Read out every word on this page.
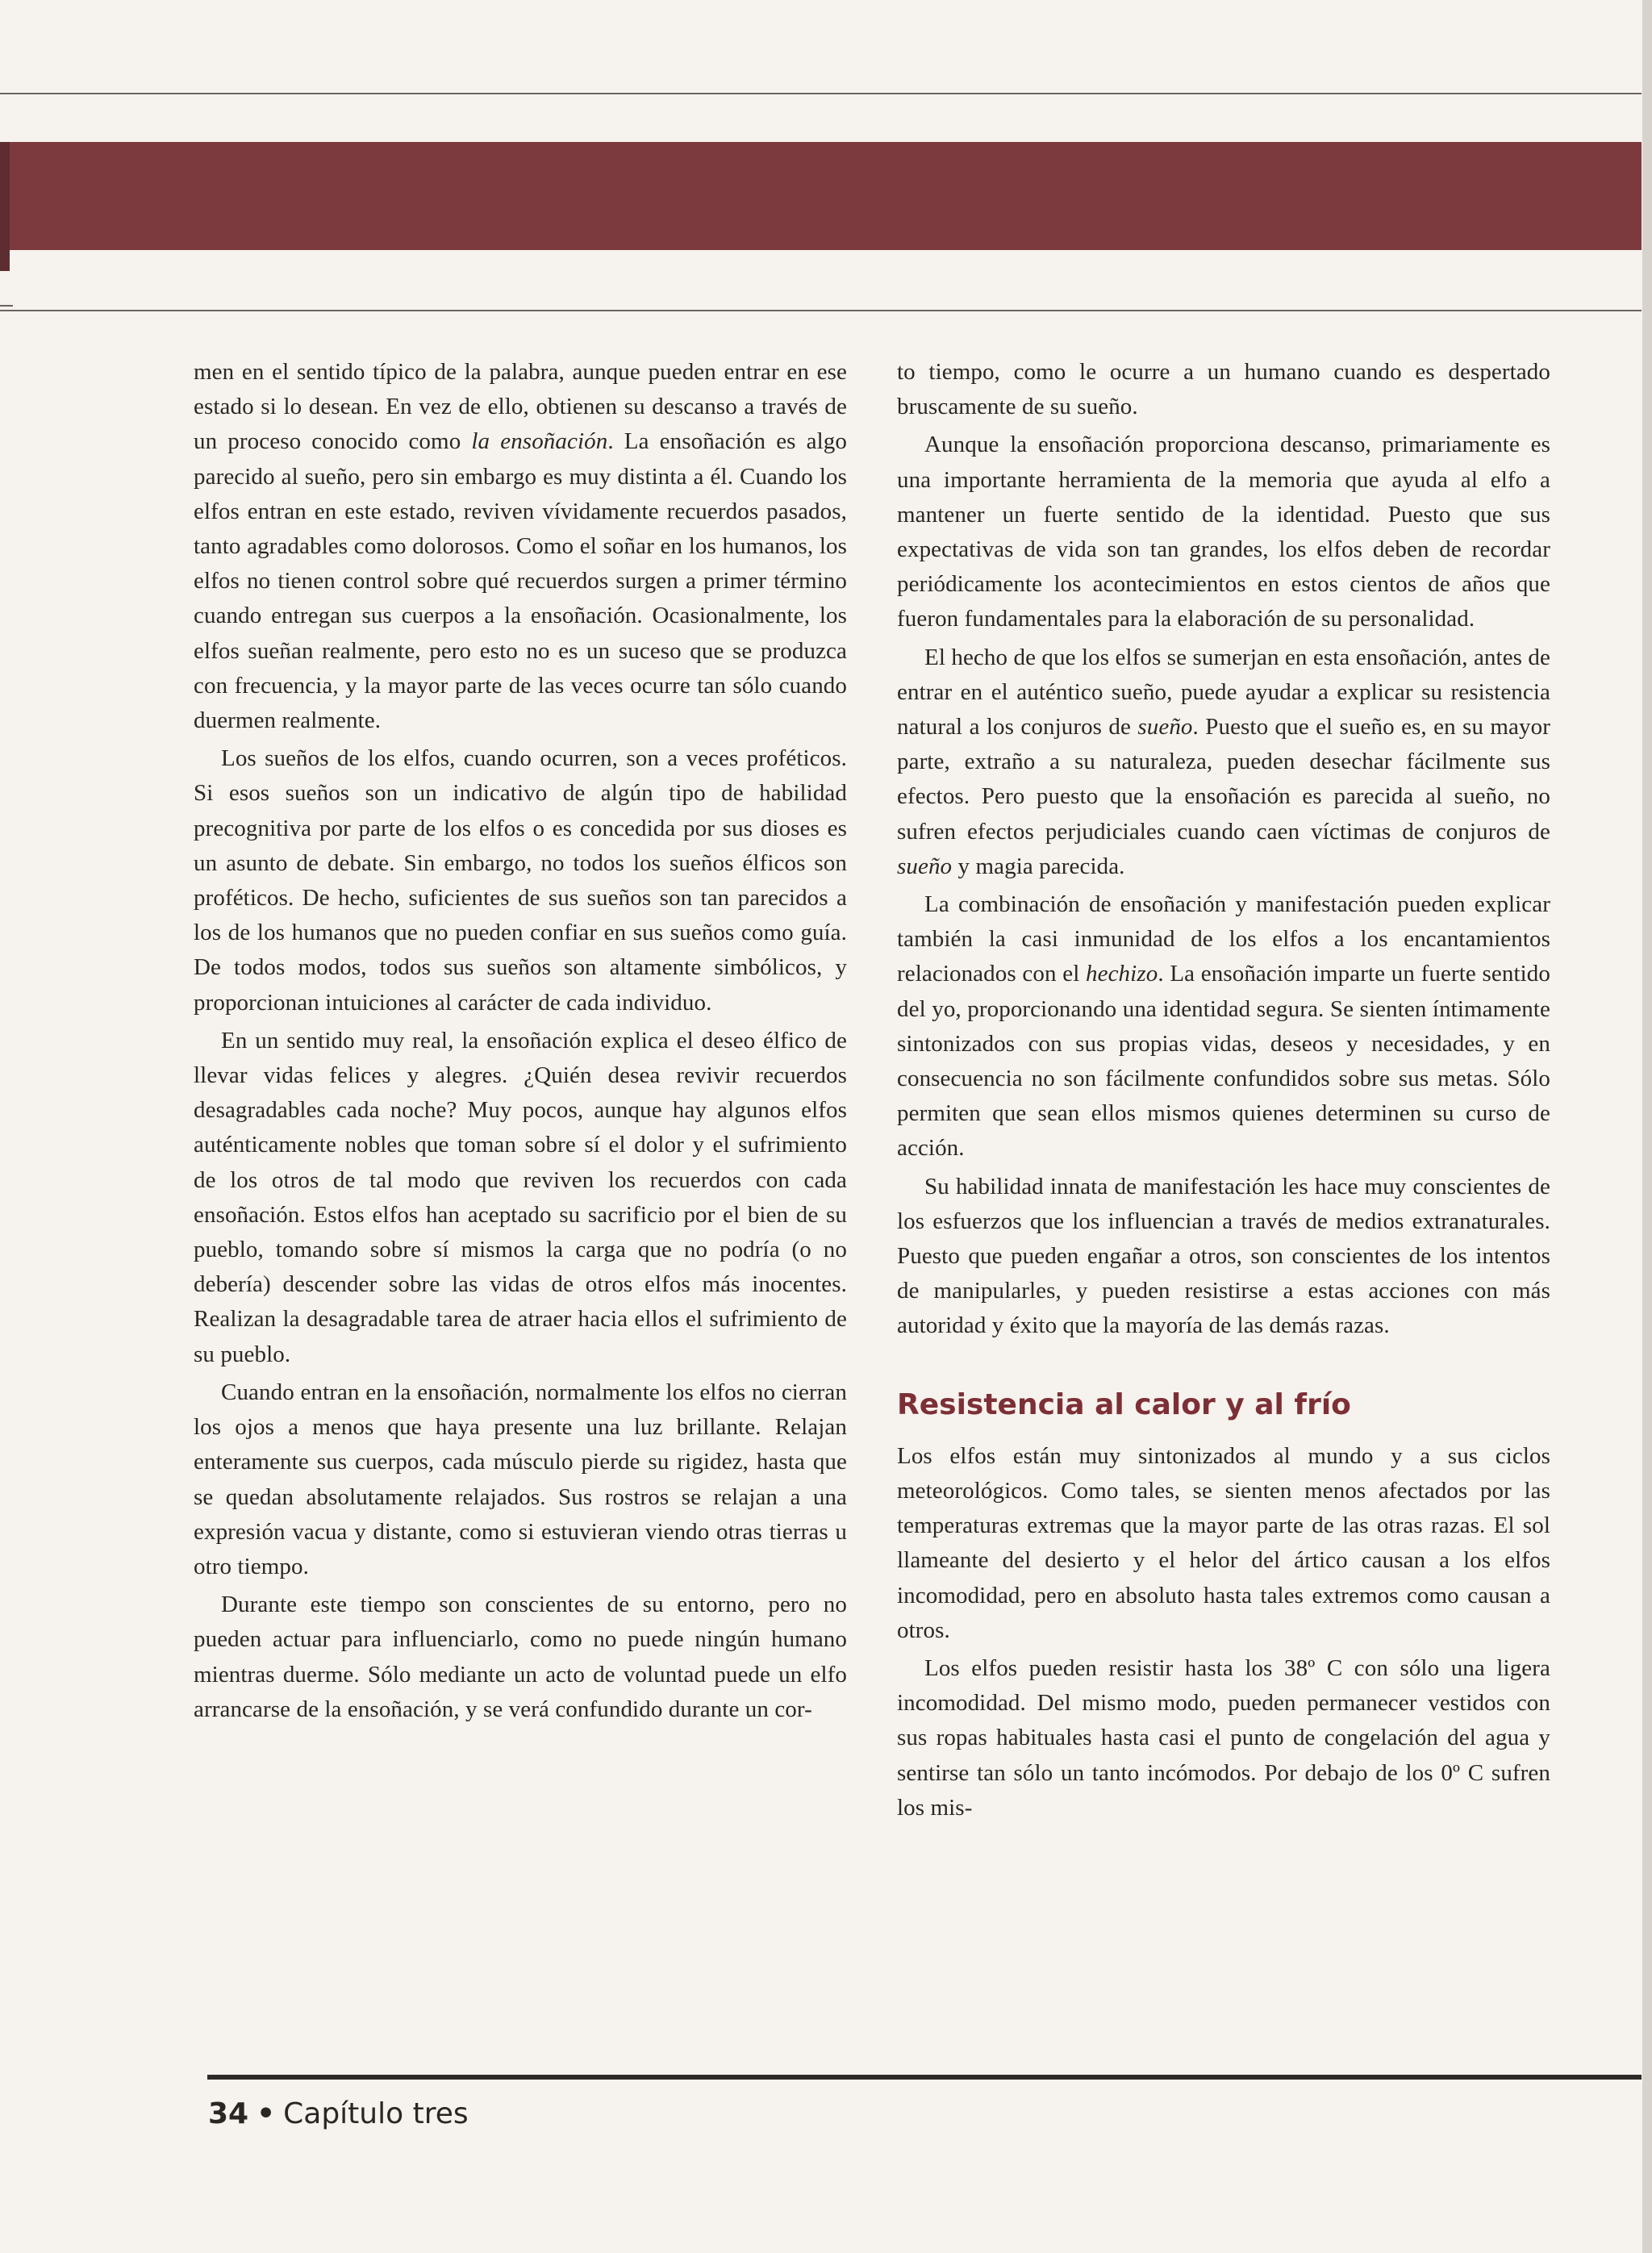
men en el sentido típico de la palabra, aunque pueden entrar en ese estado si lo desean. En vez de ello, obtienen su descanso a través de un proceso conocido como la ensoñación. La ensoñación es algo parecido al sueño, pero sin embargo es muy distinta a él. Cuando los elfos entran en este estado, reviven vívidamente recuerdos pasados, tanto agradables como dolorosos. Como el soñar en los humanos, los elfos no tienen control sobre qué recuerdos surgen a primer término cuando entregan sus cuerpos a la ensoñación. Ocasionalmente, los elfos sueñan realmente, pero esto no es un suceso que se produzca con frecuencia, y la mayor parte de las veces ocurre tan sólo cuando duermen realmente.

Los sueños de los elfos, cuando ocurren, son a veces proféticos. Si esos sueños son un indicativo de algún tipo de habilidad precognitiva por parte de los elfos o es concedida por sus dioses es un asunto de debate. Sin embargo, no todos los sueños élficos son proféticos. De hecho, suficientes de sus sueños son tan parecidos a los de los humanos que no pueden confiar en sus sueños como guía. De todos modos, todos sus sueños son altamente simbólicos, y proporcionan intuiciones al carácter de cada individuo.

En un sentido muy real, la ensoñación explica el deseo élfico de llevar vidas felices y alegres. ¿Quién desea revivir recuerdos desagradables cada noche? Muy pocos, aunque hay algunos elfos auténticamente nobles que toman sobre sí el dolor y el sufrimiento de los otros de tal modo que reviven los recuerdos con cada ensoñación. Estos elfos han aceptado su sacrificio por el bien de su pueblo, tomando sobre sí mismos la carga que no podría (o no debería) descender sobre las vidas de otros elfos más inocentes. Realizan la desagradable tarea de atraer hacia ellos el sufrimiento de su pueblo.

Cuando entran en la ensoñación, normalmente los elfos no cierran los ojos a menos que haya presente una luz brillante. Relajan enteramente sus cuerpos, cada músculo pierde su rigidez, hasta que se quedan absolutamente relajados. Sus rostros se relajan a una expresión vacua y distante, como si estuvieran viendo otras tierras u otro tiempo.

Durante este tiempo son conscientes de su entorno, pero no pueden actuar para influenciarlo, como no puede ningún humano mientras duerme. Sólo mediante un acto de voluntad puede un elfo arrancarse de la ensoñación, y se verá confundido durante un cor-

to tiempo, como le ocurre a un humano cuando es despertado bruscamente de su sueño.

Aunque la ensoñación proporciona descanso, primariamente es una importante herramienta de la memoria que ayuda al elfo a mantener un fuerte sentido de la identidad. Puesto que sus expectativas de vida son tan grandes, los elfos deben de recordar periódicamente los acontecimientos en estos cientos de años que fueron fundamentales para la elaboración de su personalidad.

El hecho de que los elfos se sumerjan en esta ensoñación, antes de entrar en el auténtico sueño, puede ayudar a explicar su resistencia natural a los conjuros de sueño. Puesto que el sueño es, en su mayor parte, extraño a su naturaleza, pueden desechar fácilmente sus efectos. Pero puesto que la ensoñación es parecida al sueño, no sufren efectos perjudiciales cuando caen víctimas de conjuros de sueño y magia parecida.

La combinación de ensoñación y manifestación pueden explicar también la casi inmunidad de los elfos a los encantamientos relacionados con el hechizo. La ensoñación imparte un fuerte sentido del yo, proporcionando una identidad segura. Se sienten íntimamente sintonizados con sus propias vidas, deseos y necesidades, y en consecuencia no son fácilmente confundidos sobre sus metas. Sólo permiten que sean ellos mismos quienes determinen su curso de acción.

Su habilidad innata de manifestación les hace muy conscientes de los esfuerzos que los influencian a través de medios extranaturales. Puesto que pueden engañar a otros, son conscientes de los intentos de manipularles, y pueden resistirse a estas acciones con más autoridad y éxito que la mayoría de las demás razas.

Resistencia al calor y al frío

Los elfos están muy sintonizados al mundo y a sus ciclos meteorológicos. Como tales, se sienten menos afectados por las temperaturas extremas que la mayor parte de las otras razas. El sol llameante del desierto y el helor del ártico causan a los elfos incomodidad, pero en absoluto hasta tales extremos como causan a otros.

Los elfos pueden resistir hasta los 38º C con sólo una ligera incomodidad. Del mismo modo, pueden permanecer vestidos con sus ropas habituales hasta casi el punto de congelación del agua y sentirse tan sólo un tanto incómodos. Por debajo de los 0º C sufren los mis-

34 • Capítulo tres
